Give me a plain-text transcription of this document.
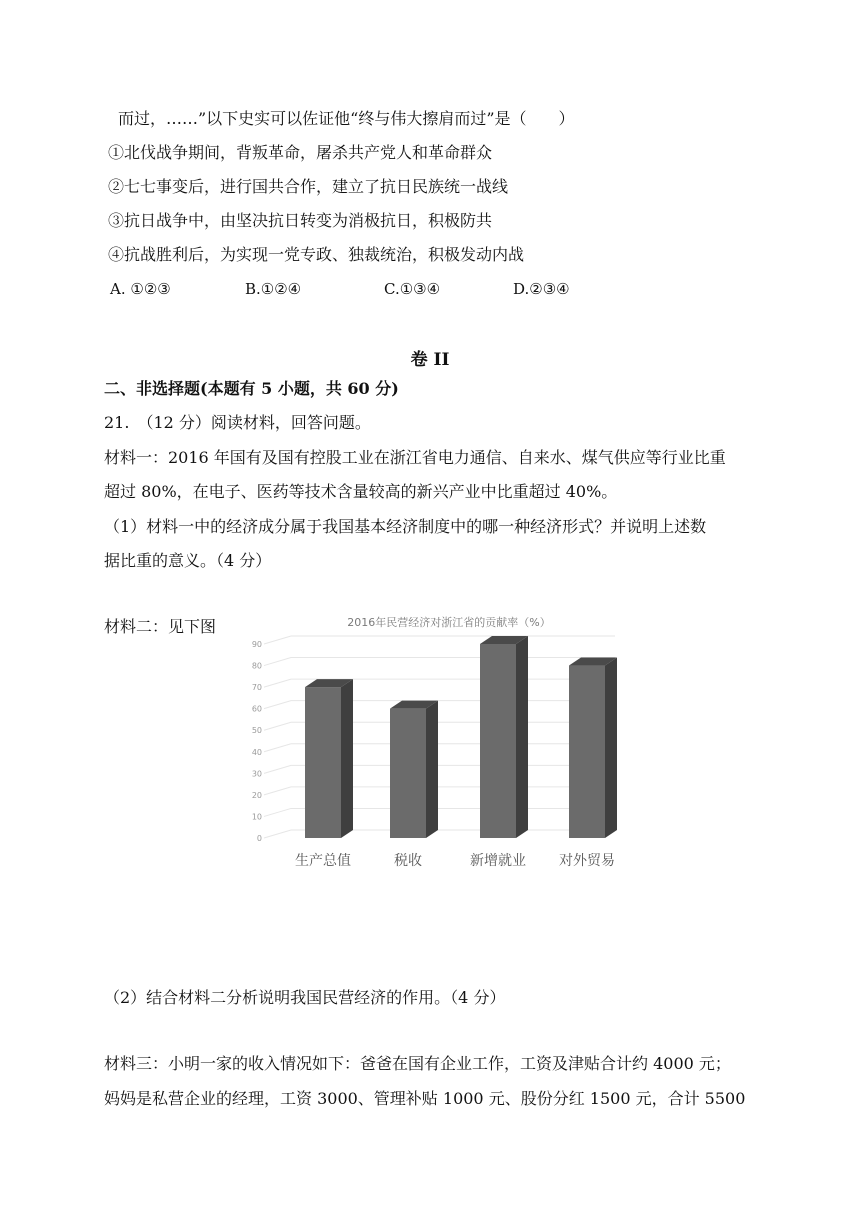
而过，……”以下史实可以佐证他“终与伟大擦肩而过”是（　　）
①北伐战争期间，背叛革命，屠杀共产党人和革命群众
②七七事变后，进行国共合作，建立了抗日民族统一战线
③抗日战争中，由坚决抗日转变为消极抗日，积极防共
④抗战胜利后，为实现一党专政、独裁统治，积极发动内战
A. ①②③	B.①②④	C.①③④	D.②③④
卷 II
二、非选择题(本题有 5 小题，共 60 分)
21.　（12 分）阅读材料，回答问题。
材料一：2016 年国有及国有控股工业在浙江省电力通信、自来水、煤气供应等行业比重
超过 80%，在电子、医药等技术含量较高的新兴产业中比重超过 40%。
（1）材料一中的经济成分属于我国基本经济制度中的哪一种经济形式？并说明上述数
据比重的意义。（4 分）
材料二：见下图	2016年民营经济对浙江省的贡献率（%）
0
10
20
30
40
50
60
70
80
90
生产总值	税收	新增就业 对外贸易
（2）结合材料二分析说明我国民营经济的作用。（4 分）
材料三：小明一家的收入情况如下：爸爸在国有企业工作，工资及津贴合计约 4000 元；
妈妈是私营企业的经理，工资 3000、管理补贴 1000 元、股份分红 1500 元，合计 5500
